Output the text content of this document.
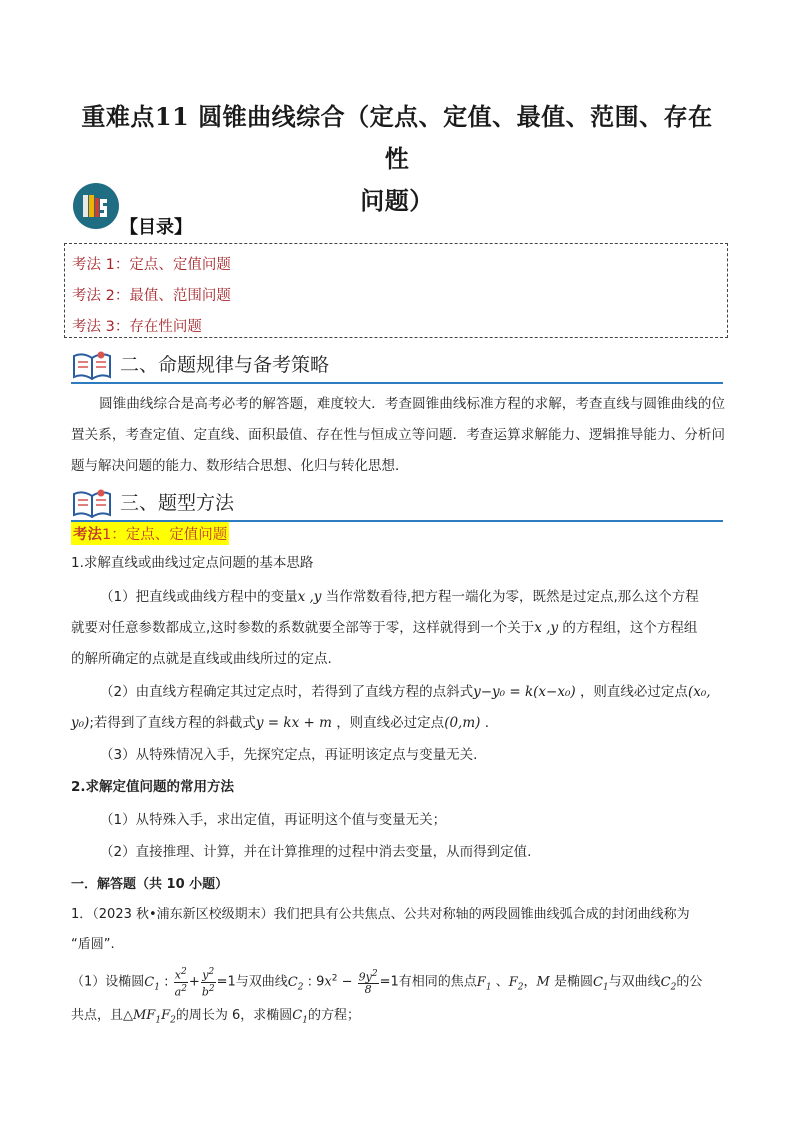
重难点11 圆锥曲线综合（定点、定值、最值、范围、存在性
问题）
【目录】
考法 1：定点、定值问题
考法 2：最值、范围问题
考法 3：存在性问题
二、命题规律与备考策略
圆锥曲线综合是高考必考的解答题，难度较大．考查圆锥曲线标准方程的求解，考查直线与圆锥曲线的位置关系，考查定值、定直线、面积最值、存在性与恒成立等问题．考查运算求解能力、逻辑推导能力、分析问题与解决问题的能力、数形结合思想、化归与转化思想．
三、题型方法
考法1：定点、定值问题
1.求解直线或曲线过定点问题的基本思路
（1）把直线或曲线方程中的变量x ,y 当作常数看待,把方程一端化为零，既然是过定点,那么这个方程
就要对任意参数都成立,这时参数的系数就要全部等于零，这样就得到一个关于x ,y 的方程组，这个方程组
的解所确定的点就是直线或曲线所过的定点.
（2）由直线方程确定其过定点时，若得到了直线方程的点斜式y−y₀ = k(x−x₀) ，则直线必过定点(x₀,
y₀);若得到了直线方程的斜截式y = kx + m ，则直线必过定点(0,m) .
（3）从特殊情况入手，先探究定点，再证明该定点与变量无关.
2.求解定值问题的常用方法
（1）从特殊入手，求出定值，再证明这个值与变量无关；
（2）直接推理、计算，并在计算推理的过程中消去变量，从而得到定值.
一．解答题（共 10 小题）
1．（2023 秋•浦东新区校级期末）我们把具有公共焦点、公共对称轴的两段圆锥曲线弧合成的封闭曲线称为
“盾圆”.
（1）设椭圆$C_1$ : $\frac{x^2}{a^2} + \frac{y^2}{b^2} =1$与双曲线$C_2$ : $9x^2 - \frac{9y^2}{8} =1$有相同的焦点$F_1$ 、$F_2$，M 是椭圆$C_1$与双曲线$C_2$的公
共点，且$\triangle MF_1F_2$的周长为 6，求椭圆$C_1$的方程；
